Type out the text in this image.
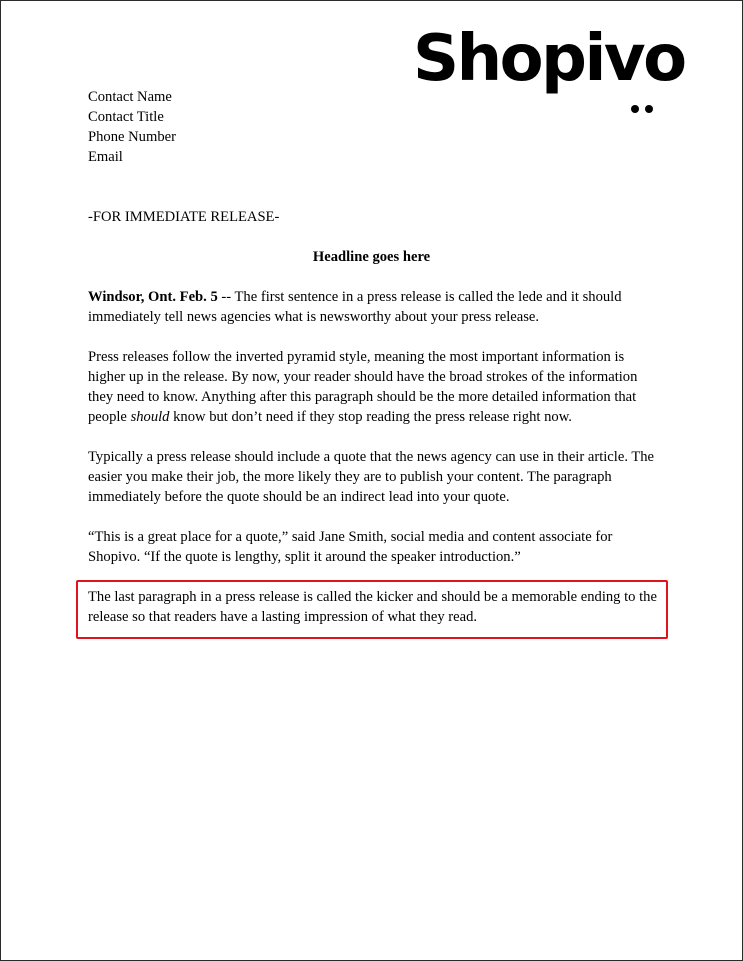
Shopivo
Contact Name
Contact Title
Phone Number
Email
-FOR IMMEDIATE RELEASE-
Headline goes here
Windsor, Ont. Feb. 5 -- The first sentence in a press release is called the lede and it should
immediately tell news agencies what is newsworthy about your press release.
Press releases follow the inverted pyramid style, meaning the most important information is
higher up in the release. By now, your reader should have the broad strokes of the information
they need to know. Anything after this paragraph should be the more detailed information that
people should know but don’t need if they stop reading the press release right now.
Typically a press release should include a quote that the news agency can use in their article. The
easier you make their job, the more likely they are to publish your content. The paragraph
immediately before the quote should be an indirect lead into your quote.
“This is a great place for a quote,” said Jane Smith, social media and content associate for
Shopivo. “If the quote is lengthy, split it around the speaker introduction.”
The last paragraph in a press release is called the kicker and should be a memorable ending to the
release so that readers have a lasting impression of what they read.
